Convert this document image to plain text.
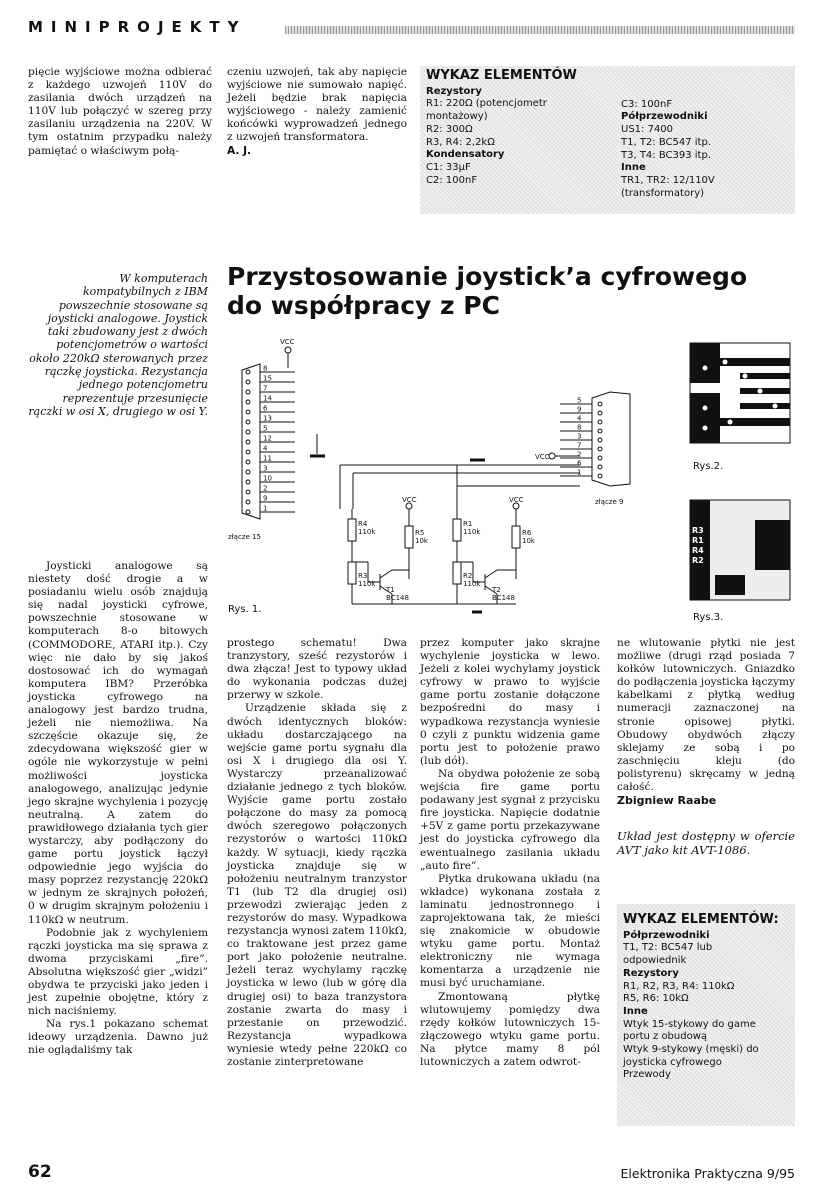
MINIPROJEKTY

pięcie wyjściowe można odbierać z każdego uzwojeń 110V do zasilania dwóch urządzeń na 110V lub połączyć w szereg przy zasilaniu urządzenia na 220V. W tym ostatnim przypadku należy pamiętać o właściwym połą-

czeniu uzwojeń, tak aby napięcie wyjściowe nie sumowało napięć. Jeżeli będzie brak napięcia wyjściowego - należy zamienić końcówki wyprowadzeń jednego z uzwojeń transformatora.

A. J.

WYKAZ ELEMENTÓW
Rezystory
R1: 220Ω (potencjometr
montażowy)
R2: 300Ω
R3, R4: 2,2kΩ
Kondensatory
C1: 33μF
C2: 100nF
C3: 100nF
Półprzewodniki
US1: 7400
T1, T2: BC547 itp.
T3, T4: BC393 itp.
Inne
TR1, TR2: 12/110V
(transformatory)
W komputerach kompatybilnych z IBM powszechnie stosowane są joysticki analogowe. Joystick taki zbudowany jest z dwóch potencjometrów o wartości około 220kΩ sterowanych przez rączkę joysticka. Rezystancja jednego potencjometru reprezentuje przesunięcie rączki w osi X, drugiego w osi Y.
Przystosowanie joystick’a cyfrowego
do współpracy z PC
8
15
7
14
6
13
5
12
4
11
3
10
2
9
1
5
9
4
8
3
7
2
6
1
VCC
VCC	VCC
VCC
złącze 15
złącze 9
Rys. 1.
R4
110k	R5
10k
R3
110k
R1
110k	R6
10k
R2
110k
T1
BC148
T2
BC148
Rys.2.
R3
R1
R4
R2
Rys.3.

Joysticki analogowe są niestety dość drogie a w posiadaniu wielu osób znajdują się nadal joysticki cyfrowe, powszechnie stosowane w komputerach 8-o bitowych (COMMODORE, ATARI itp.). Czy więc nie dało by się jakoś dostosować ich do wymagań komputera IBM? Przeróbka joysticka cyfrowego na analogowy jest bardzo trudna, jeżeli nie niemożliwa. Na szczęście okazuje się, że zdecydowana większość gier w ogóle nie wykorzystuje w pełni możliwości joysticka analogowego, analizując jedynie jego skrajne wychylenia i pozycję neutralną. A zatem do prawidłowego działania tych gier wystarczy, aby podłączony do game portu joystick łączył odpowiednie jego wyjścia do masy poprzez rezystancję 220kΩ w jednym ze skrajnych położeń, 0 w drugim skrajnym położeniu i 110kΩ w neutrum.

Podobnie jak z wychyleniem rączki joysticka ma się sprawa z dwoma przyciskami „fire”. Absolutna większość gier „widzi” obydwa te przyciski jako jeden i jest zupełnie obojętne, który z nich naciśniemy.

Na rys.1 pokazano schemat ideowy urządzenia. Dawno już nie oglądaliśmy tak

prostego schematu! Dwa tranzystory, sześć rezystorów i dwa złącza! Jest to typowy układ do wykonania podczas dużej przerwy w szkole.

Urządzenie składa się z dwóch identycznych bloków: układu dostarczającego na wejście game portu sygnału dla osi X i drugiego dla osi Y. Wystarczy przeanalizować działanie jednego z tych bloków. Wyjście game portu zostało połączone do masy za pomocą dwóch szeregowo połączonych rezystorów o wartości 110kΩ każdy. W sytuacji, kiedy rączka joysticka znajduje się w położeniu neutralnym tranzystor T1 (lub T2 dla drugiej osi) przewodzi zwierając jeden z rezystorów do masy. Wypadkowa rezystancja wynosi zatem 110kΩ, co traktowane jest przez game port jako położenie neutralne. Jeżeli teraz wychylamy rączkę joysticka w lewo (lub w górę dla drugiej osi) to baza tranzystora zostanie zwarta do masy i przestanie on przewodzić. Rezystancja wypadkowa wyniesie wtedy pełne 220kΩ co zostanie zinterpretowane

przez komputer jako skrajne wychylenie joysticka w lewo. Jeżeli z kolei wychylamy joystick cyfrowy w prawo to wyjście game portu zostanie dołączone bezpośredni do masy i wypadkowa rezystancja wyniesie 0 czyli z punktu widzenia game portu jest to położenie prawo (lub dół).

Na obydwa położenie ze sobą wejścia fire game portu podawany jest sygnał z przycisku fire joysticka. Napięcie dodatnie +5V z game portu przekazywane jest do joysticka cyfrowego dla ewentualnego zasilania układu „auto fire”.

Płytka drukowana układu (na wkładce) wykonana została z laminatu jednostronnego i zaprojektowana tak, że mieści się znakomicie w obudowie wtyku game portu. Montaż elektroniczny nie wymaga komentarza a urządzenie nie musi być uruchamiane.

Zmontowaną płytkę wlutowujemy pomiędzy dwa rzędy kołków lutowniczych 15-złączowego wtyku game portu. Na płytce mamy 8 pól lutowniczych a zatem odwrot-

ne wlutowanie płytki nie jest możliwe (drugi rząd posiada 7 kołków lutowniczych. Gniazdko do podłączenia joysticka łączymy kabelkami z płytką według numeracji zaznaczonej na stronie opisowej płytki. Obudowy obydwóch złączy sklejamy ze sobą i po zaschnięciu kleju (do polistyrenu) skręcamy w jedną całość.

Zbigniew Raabe

Układ jest dostępny w ofercie AVT jako kit AVT-1086.

WYKAZ ELEMENTÓW:
Półprzewodniki
T1, T2: BC547 lub
odpowiednik
Rezystory
R1, R2, R3, R4: 110kΩ
R5, R6: 10kΩ
Inne
Wtyk 15-stykowy do game
portu z obudową
Wtyk 9-stykowy (męski) do
joysticka cyfrowego
Przewody
62	Elektronika Praktyczna 9/95
